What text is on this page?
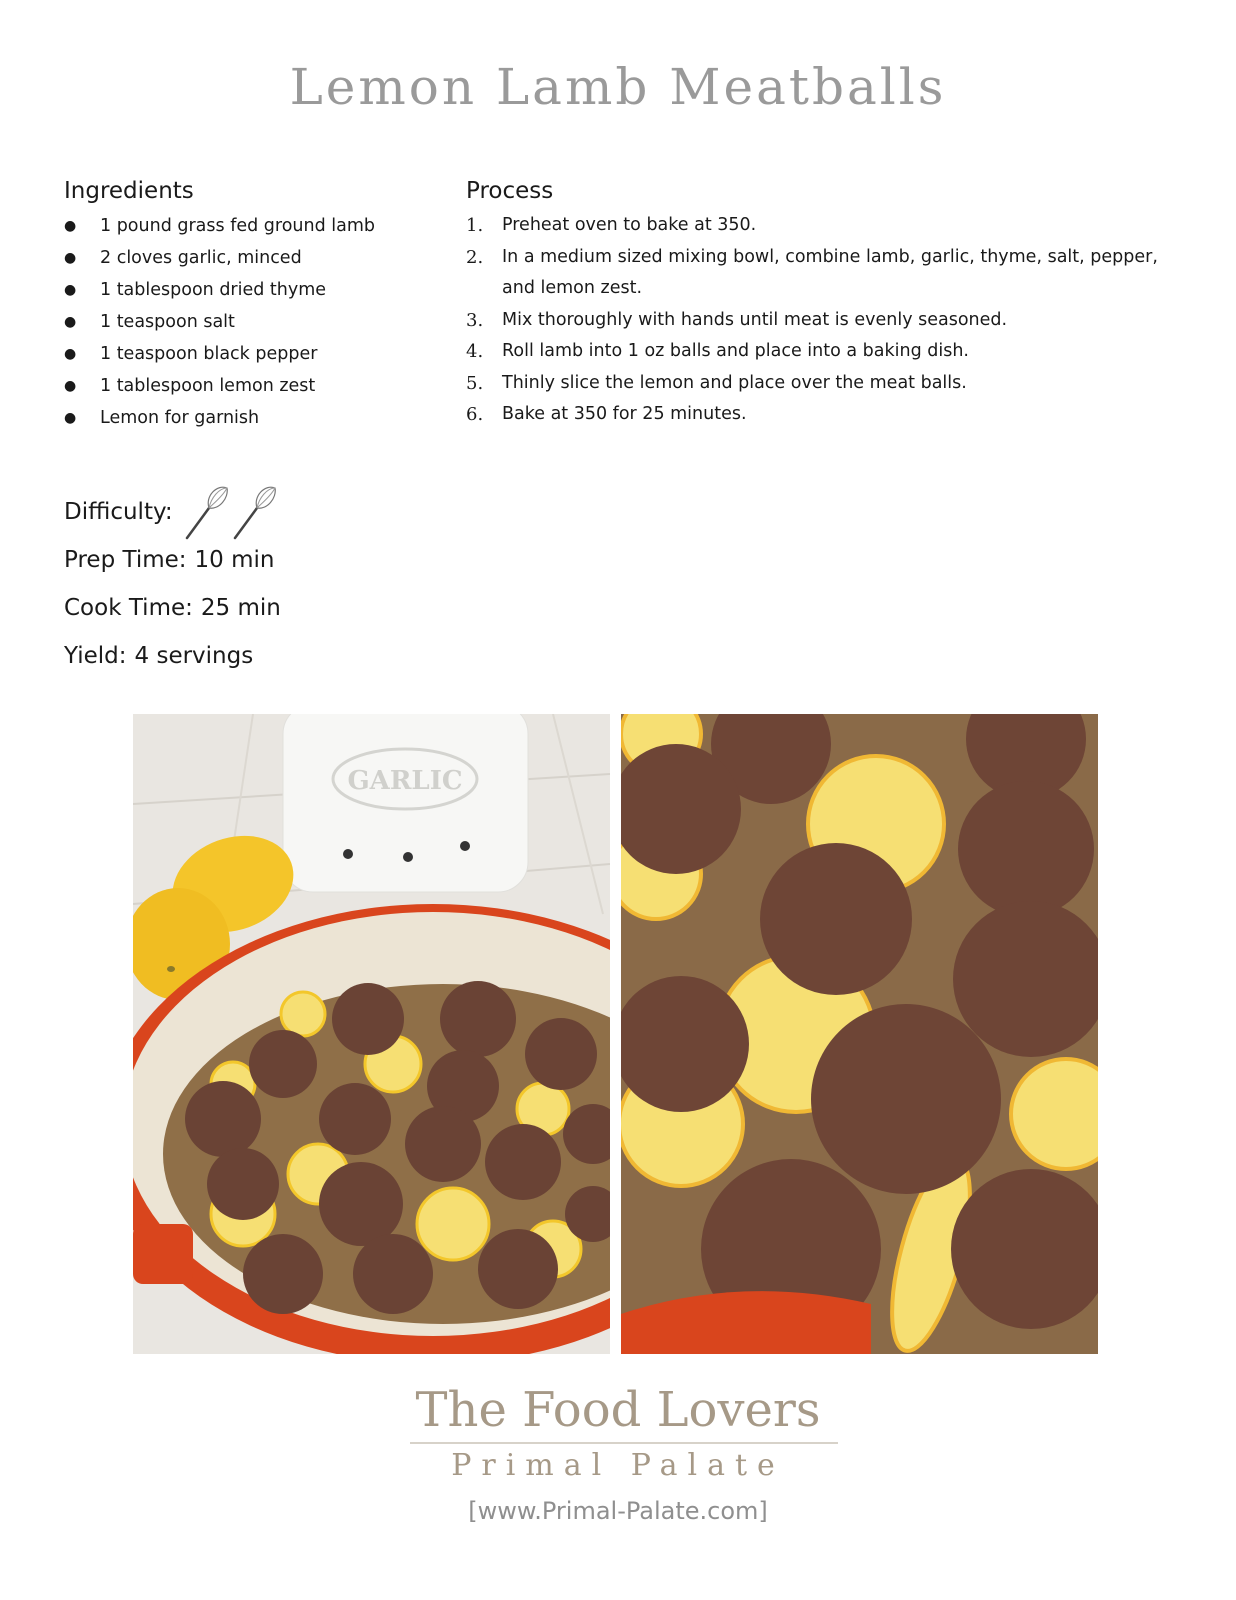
Lemon Lamb Meatballs
Ingredients
● 1 pound grass fed ground lamb
● 2 cloves garlic, minced
● 1 tablespoon dried thyme
● 1 teaspoon salt
● 1 teaspoon black pepper
● 1 tablespoon lemon zest
● Lemon for garnish
Process
1. Preheat oven to bake at 350.
2. In a medium sized mixing bowl, combine lamb, garlic, thyme, salt, pepper, and lemon zest.
3. Mix thoroughly with hands until meat is evenly seasoned.
4. Roll lamb into 1 oz balls and place into a baking dish.
5. Thinly slice the lemon and place over the meat balls.
6. Bake at 350 for 25 minutes.
Difficulty:
Prep Time: 10 min
Cook Time: 25 min
Yield: 4 servings
GARLIC
The Food Lovers
Primal Palate
[www.Primal-Palate.com]
